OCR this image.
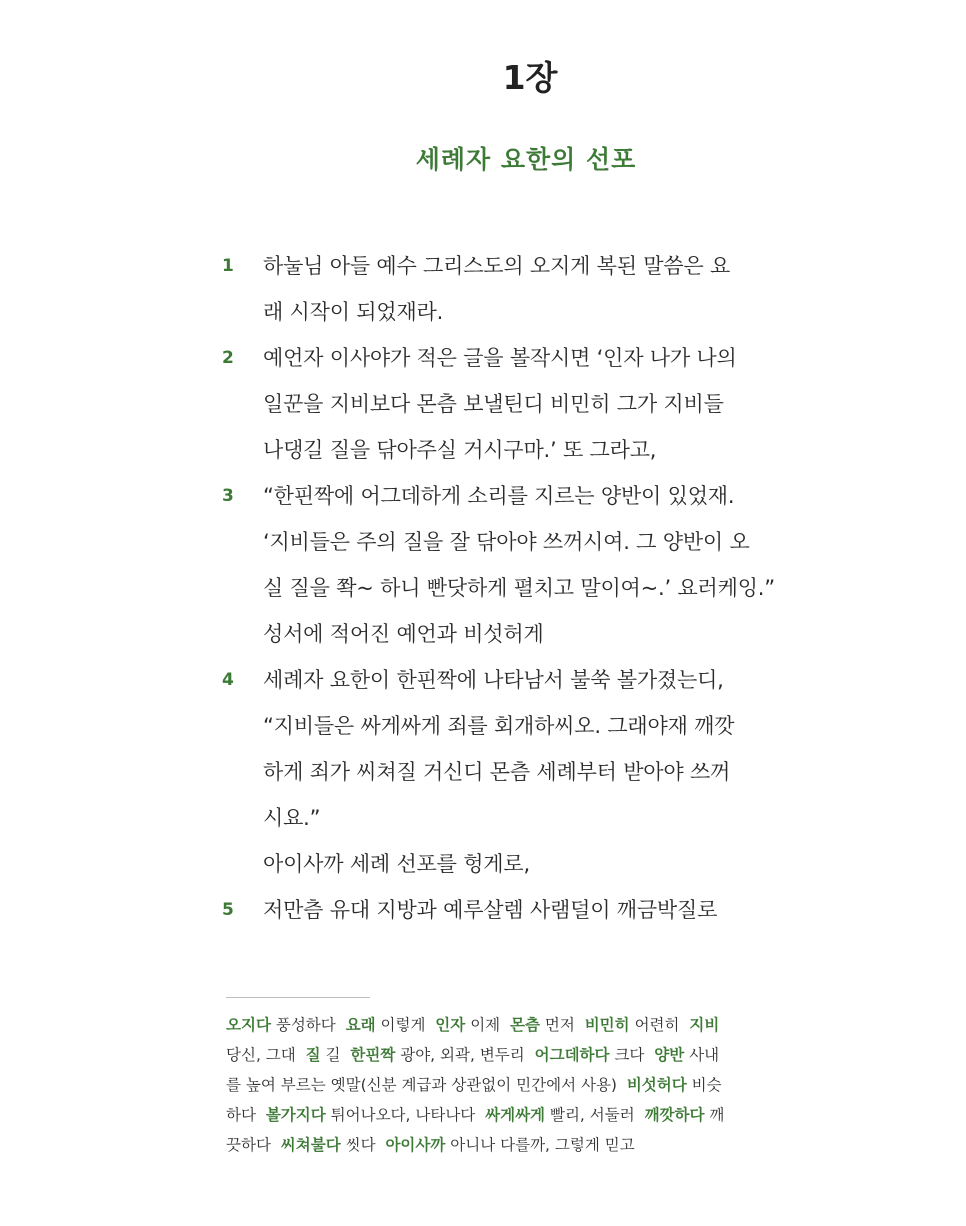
1장
세례자 요한의 선포
1	하눌님 아들 예수 그리스도의 오지게 복된 말씀은 요
래 시작이 되었재라.
2	예언자 이사야가 적은 글을 볼작시면 ‘인자 나가 나의
일꾼을 지비보다 몬츰 보낼틴디 비민히 그가 지비들
나댕길 질을 닦아주실 거시구마.’ 또 그라고,
3	“한핀짝에 어그데하게 소리를 지르는 양반이 있었재.
‘지비들은 주의 질을 잘 닦아야 쓰꺼시여. 그 양반이 오
실 질을 쫙~ 하니 빤닷하게 펼치고 말이여~.’ 요러케잉.”
성서에 적어진 예언과 비섯허게
4	세례자 요한이 한핀짝에 나타남서 불쑥 볼가졌는디,
“지비들은 싸게싸게 죄를 회개하씨오. 그래야재 깨깟
하게 죄가 씨쳐질 거신디 몬츰 세례부터 받아야 쓰꺼
시요.”
아이사까 세례 선포를 헝게로,
5	저만츰 유대 지방과 예루살렘 사램덜이 깨금박질로
오지다 풍성하다 요래 이렇게 인자 이제 몬츰 먼저 비민히 어련히 지비
당신, 그대 질 길 한핀짝 광야, 외곽, 변두리 어그데하다 크다 양반 사내
를 높여 부르는 옛말(신분 계급과 상관없이 민간에서 사용) 비섯허다 비슷
하다 볼가지다 튀어나오다, 나타나다 싸게싸게 빨리, 서둘러 깨깟하다 깨
끗하다 씨쳐불다 씻다 아이사까 아니나 다를까, 그렇게 믿고
